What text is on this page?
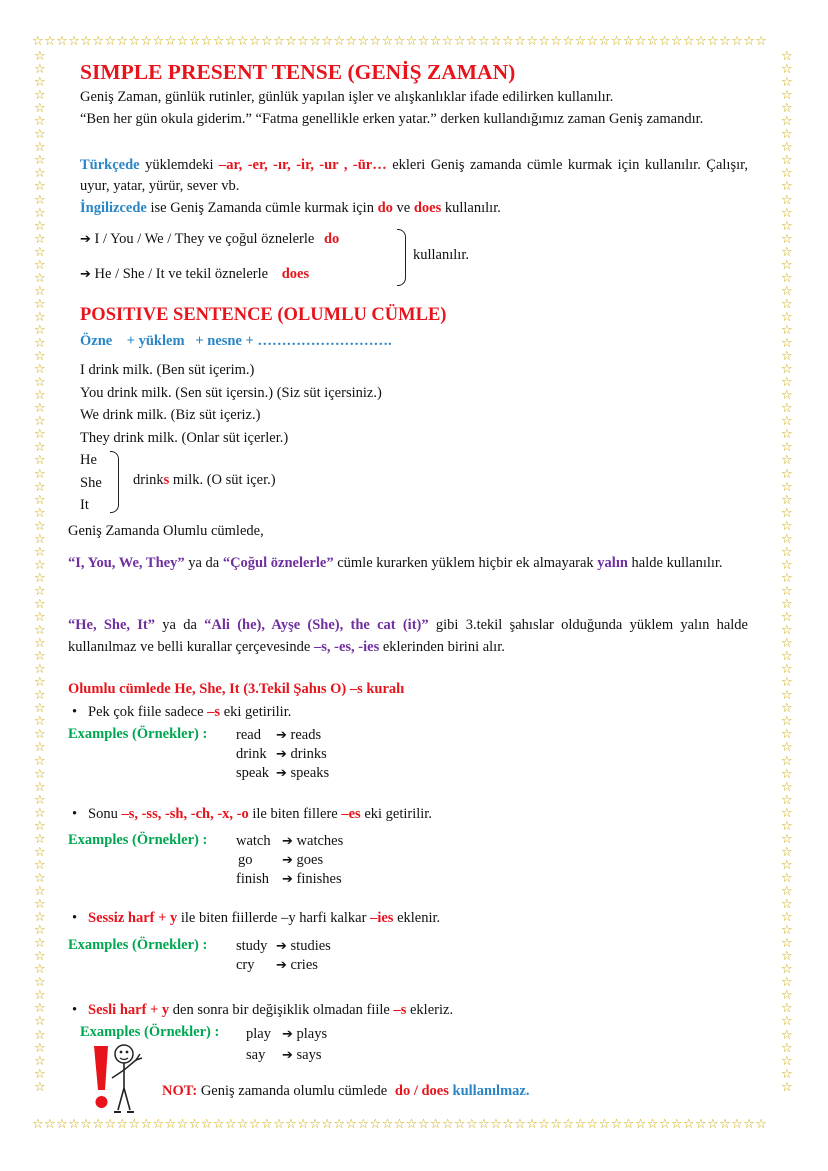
☆☆☆☆☆☆☆☆☆☆☆☆☆☆☆☆☆☆☆☆☆☆☆☆☆☆☆☆☆☆☆☆☆☆☆☆☆☆☆☆☆☆☆☆☆☆☆☆☆☆☆☆☆☆☆☆☆☆☆☆☆
☆☆☆☆☆☆☆☆☆☆☆☆☆☆☆☆☆☆☆☆☆☆☆☆☆☆☆☆☆☆☆☆☆☆☆☆☆☆☆☆☆☆☆☆☆☆☆☆☆☆☆☆☆☆☆☆☆☆☆☆☆
☆☆☆☆☆☆☆☆☆☆☆☆☆☆☆☆☆☆☆☆☆☆☆☆☆☆☆☆☆☆☆☆☆☆☆☆☆☆☆☆☆☆☆☆☆☆☆☆☆☆☆☆☆☆☆☆☆☆☆☆☆☆☆☆☆☆☆☆☆☆☆☆☆☆☆☆☆☆☆☆
☆☆☆☆☆☆☆☆☆☆☆☆☆☆☆☆☆☆☆☆☆☆☆☆☆☆☆☆☆☆☆☆☆☆☆☆☆☆☆☆☆☆☆☆☆☆☆☆☆☆☆☆☆☆☆☆☆☆☆☆☆☆☆☆☆☆☆☆☆☆☆☆☆☆☆☆☆☆☆☆
SIMPLE PRESENT TENSE (GENİŞ ZAMAN)
Geniş Zaman, günlük rutinler, günlük yapılan işler ve alışkanlıklar ifade edilirken kullanılır.
“Ben her gün okula giderim.” “Fatma genellikle erken yatar.” derken kullandığımız zaman Geniş zamandır.
Türkçede yüklemdeki –ar, -er, -ır, -ir, -ur , -ür… ekleri Geniş zamanda cümle kurmak için kullanılır. Çalışır, uyur, yatar, yürür, sever vb.
İngilizcede ise Geniş Zamanda cümle kurmak için do ve does kullanılır.
➔ I / You / We / They ve çoğul öznelerle do
➔ He / She / It ve tekil öznelerle does
kullanılır.
POSITIVE SENTENCE (OLUMLU CÜMLE)
Özne    + yüklem   + nesne + ……………………….
I drink milk. (Ben süt içerim.)
You drink milk. (Sen süt içersin.) (Siz süt içersiniz.)
We drink milk. (Biz süt içeriz.)
They drink milk. (Onlar süt içerler.)
He
She
It
drinks milk. (O süt içer.)
Geniş Zamanda Olumlu cümlede,
“I, You, We, They” ya da “Çoğul öznelerle” cümle kurarken yüklem hiçbir ek almayarak yalın halde kullanılır.
“He, She, It” ya da “Ali (he), Ayşe (She), the cat (it)” gibi 3.tekil şahıslar olduğunda yüklem yalın halde kullanılmaz ve belli kurallar çerçevesinde –s, -es, -ies eklerinden birini alır.
Olumlu cümlede He, She, It (3.Tekil Şahıs O) –s kuralı
• Pek çok fiile sadece –s eki getirilir.
Examples (Örnekler) : read ➔ reads
drink ➔ drinks
speak ➔ speaks
• Sonu –s, -ss, -sh, -ch, -x, -o ile biten fillere –es eki getirilir.
Examples (Örnekler) : watch ➔ watches
go ➔ goes
finish ➔ finishes
• Sessiz harf + y ile biten fiillerde –y harfi kalkar –ies eklenir.
Examples (Örnekler) : study ➔ studies
cry ➔ cries
• Sesli harf + y den sonra bir değişiklik olmadan fiile –s ekleriz.
Examples (Örnekler) : play ➔ plays
say ➔ says
NOT: Geniş zamanda olumlu cümlede do / does kullanılmaz.
